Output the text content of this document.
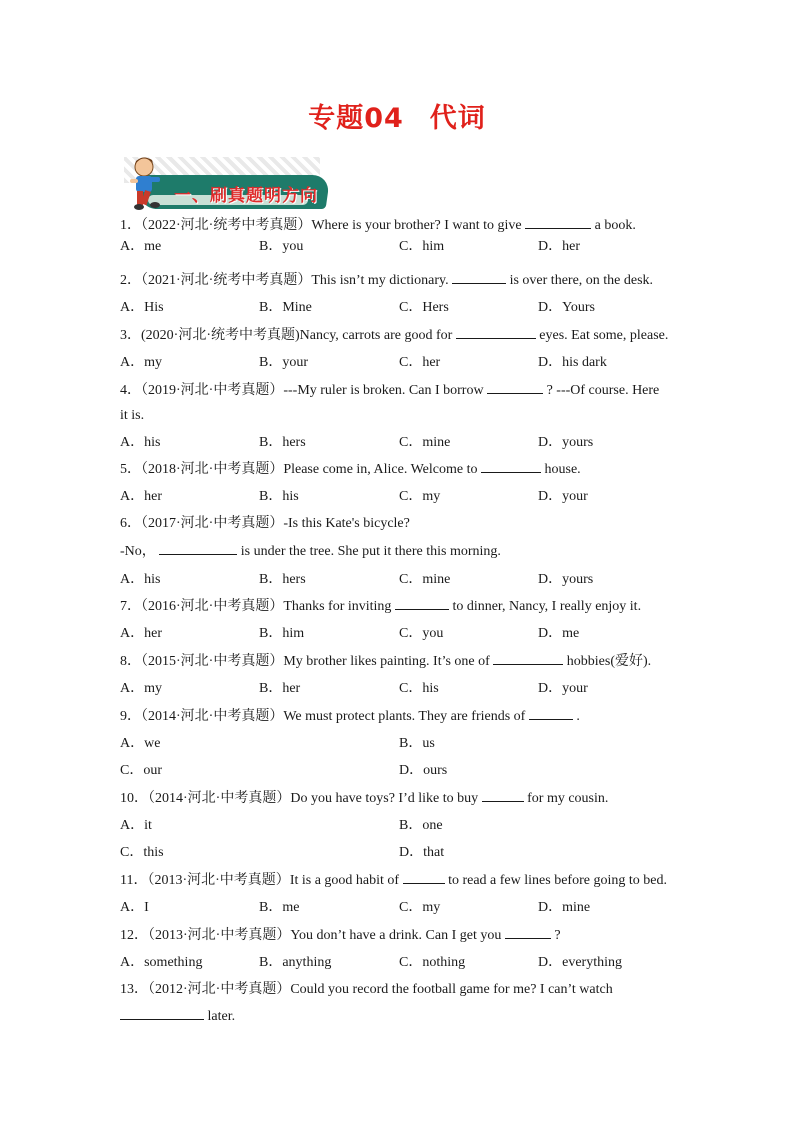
专题04 代词
一、刷真题明方向
1．（2022·河北·统考中考真题）Where is your brother? I want to give	a book.
A．me	B．you	C．him	D．her
2．（2021·河北·统考中考真题）This isn’t my dictionary.	is over there, on the desk.
A．His	B．Mine	C．Hers	D．Yours
3．(2020·河北·统考中考真题)Nancy, carrots are good for	eyes. Eat some, please.
A．my	B．your	C．her	D．his dark
4．（2019·河北·中考真题）---My ruler is broken. Can I borrow	? ---Of course. Here
it is.
A．his	B．hers	C．mine	D．yours
5．（2018·河北·中考真题）Please come in, Alice. Welcome to	house.
A．her	B．his	C．my	D．your
6．（2017·河北·中考真题）-Is this Kate's bicycle?
-No，	is under the tree. She put it there this morning.
A．his	B．hers	C．mine	D．yours
7．（2016·河北·中考真题）Thanks for inviting	to dinner, Nancy, I really enjoy it.
A．her	B．him	C．you	D．me
8．（2015·河北·中考真题）My brother likes painting. It’s one of	hobbies(爱好).
A．my	B．her	C．his	D．your
9．（2014·河北·中考真题）We must protect plants. They are friends of	.
A．we	B．us
C．our	D．ours
10．（2014·河北·中考真题）Do you have toys? I’d like to buy	for my cousin.
A．it	B．one
C．this	D．that
11．（2013·河北·中考真题）It is a good habit of	to read a few lines before going to bed.
A．I	B．me	C．my	D．mine
12．（2013·河北·中考真题）You don’t have a drink. Can I get you	?
A．something	B．anything	C．nothing	D．everything
13．（2012·河北·中考真题）Could you record the football game for me? I can’t watch
later.
